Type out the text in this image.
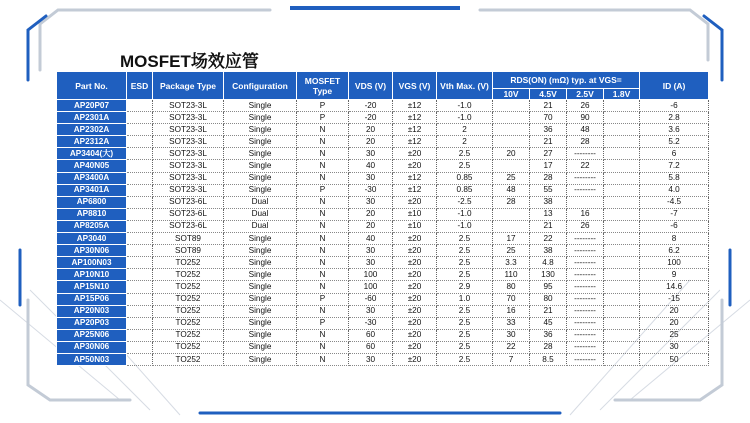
MOSFET场效应管
Part No.	ESD	Package Type	Configuration	MOSFET Type	VDS (V)	VGS (V)	Vth Max. (V)	RDS(ON) (mΩ) typ. at VGS=				ID (A)
								10V	4.5V	2.5V	1.8V	
AP20P07		SOT23-3L	Single	P	-20	±12	-1.0		21	26		-6
AP2301A		SOT23-3L	Single	P	-20	±12	-1.0		70	90		2.8
AP2302A		SOT23-3L	Single	N	20	±12	2		36	48		3.6
AP2312A		SOT23-3L	Single	N	20	±12	2		21	28		5.2
AP3404(大)		SOT23-3L	Single	N	30	±20	2.5	20	27	--------		6
AP40N05		SOT23-3L	Single	N	40	±20	2.5		17	22		7.2
AP3400A		SOT23-3L	Single	N	30	±12	0.85	25	28	--------		5.8
AP3401A		SOT23-3L	Single	P	-30	±12	0.85	48	55	--------		4.0
AP6800		SOT23-6L	Dual	N	30	±20	-2.5	28	38			-4.5
AP8810		SOT23-6L	Dual	N	20	±10	-1.0		13	16		-7
AP8205A		SOT23-6L	Dual	N	20	±10	-1.0		21	26		-6
AP3040		SOT89	Single	N	40	±20	2.5	17	22	--------		8
AP30N06		SOT89	Single	N	30	±20	2.5	25	38	--------		6.2
AP100N03		TO252	Single	N	30	±20	2.5	3.3	4.8	--------		100
AP10N10		TO252	Single	N	100	±20	2.5	110	130	--------		9
AP15N10		TO252	Single	N	100	±20	2.9	80	95	--------		14.6
AP15P06		TO252	Single	P	-60	±20	1.0	70	80	--------		-15
AP20N03		TO252	Single	N	30	±20	2.5	16	21	--------		20
AP20P03		TO252	Single	P	-30	±20	2.5	33	45	--------		20
AP25N06		TO252	Single	N	60	±20	2.5	30	36	--------		25
AP30N06		TO252	Single	N	60	±20	2.5	22	28	--------		30
AP50N03		TO252	Single	N	30	±20	2.5	7	8.5	--------		50
